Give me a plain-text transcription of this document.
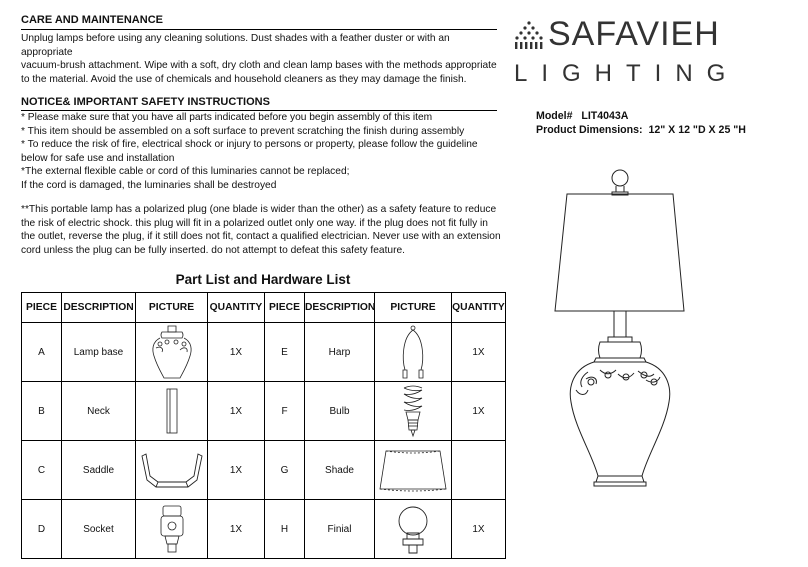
CARE AND MAINTENANCE
Unplug lamps before using any cleaning solutions. Dust shades with a feather duster or with an
appropriate
vacuum-brush attachment. Wipe with a soft, dry cloth and clean lamp bases with the methods appropriate
to the material. Avoid the use of chemicals and household cleaners as they may damage the finish.
NOTICE& IMPORTANT SAFETY INSTRUCTIONS
* Please make sure that you have all parts indicated before you begin assembly of this item
* This item should be assembled on a soft surface to prevent scratching the finish during assembly
* To reduce the risk of fire, electrical shock or injury to persons or property, please follow the guideline
below for safe use and installation
*The external flexible cable or cord of this luminaries cannot be replaced;
If the cord is damaged, the luminaries shall be destroyed
**This portable lamp has a polarized plug (one blade is wider than the other) as a safety feature to reduce
the risk of electric shock. this plug will fit in a polarized outlet only one way. if the plug does not fit fully in
the outlet, reverse the plug, if it still does not fit, contact a qualified electrician. Never use with an extension
cord unless the plug can be fully inserted. do not attempt to defeat this safety feature.
SAFAVIEH
LIGHTING
Model# LIT4043A
Product Dimensions: 12" X 12 "D X 25 "H
Part List and Hardware List
PIECE	DESCRIPTION	PICTURE	QUANTITY	PIECE	DESCRIPTION	PICTURE	QUANTITY
A	Lamp base		1X	E	Harp		1X
B	Neck		1X	F	Bulb		1X
C	Saddle		1X	G	Shade	

D	Socket		1X	H	Finial		1X
